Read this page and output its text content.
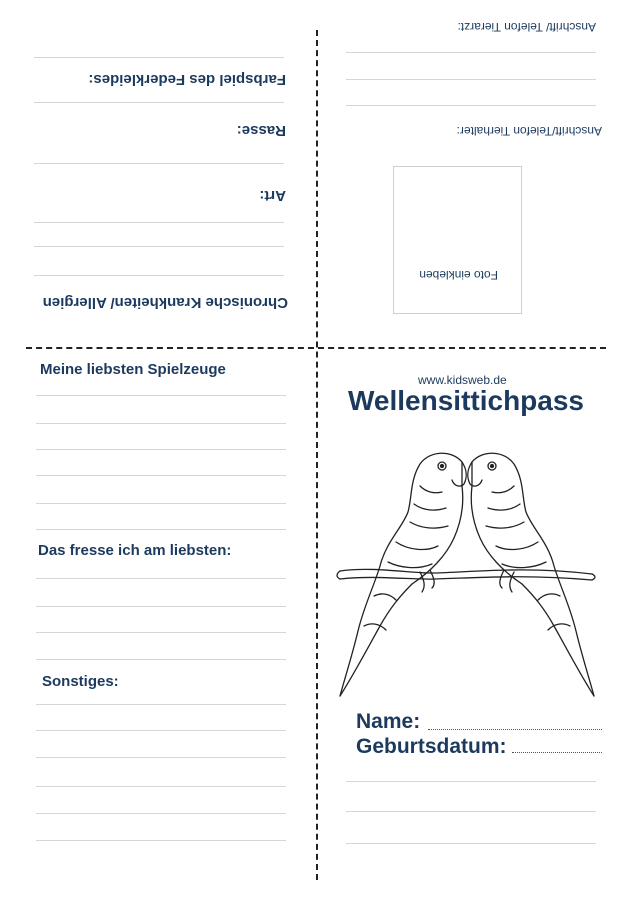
Farbspiel des Federkleides:
Rasse:
Art:
Chronische Krankheiten/ Allergien
Anschrift/ Telefon Tierarzt:
Anschrift/Telefon Tierhalter:
Foto einkleben
Meine liebsten Spielzeuge
Das fresse ich am liebsten:
Sonstiges:
www.kidsweb.de
Wellensittichpass
Name:
Geburtsdatum:
